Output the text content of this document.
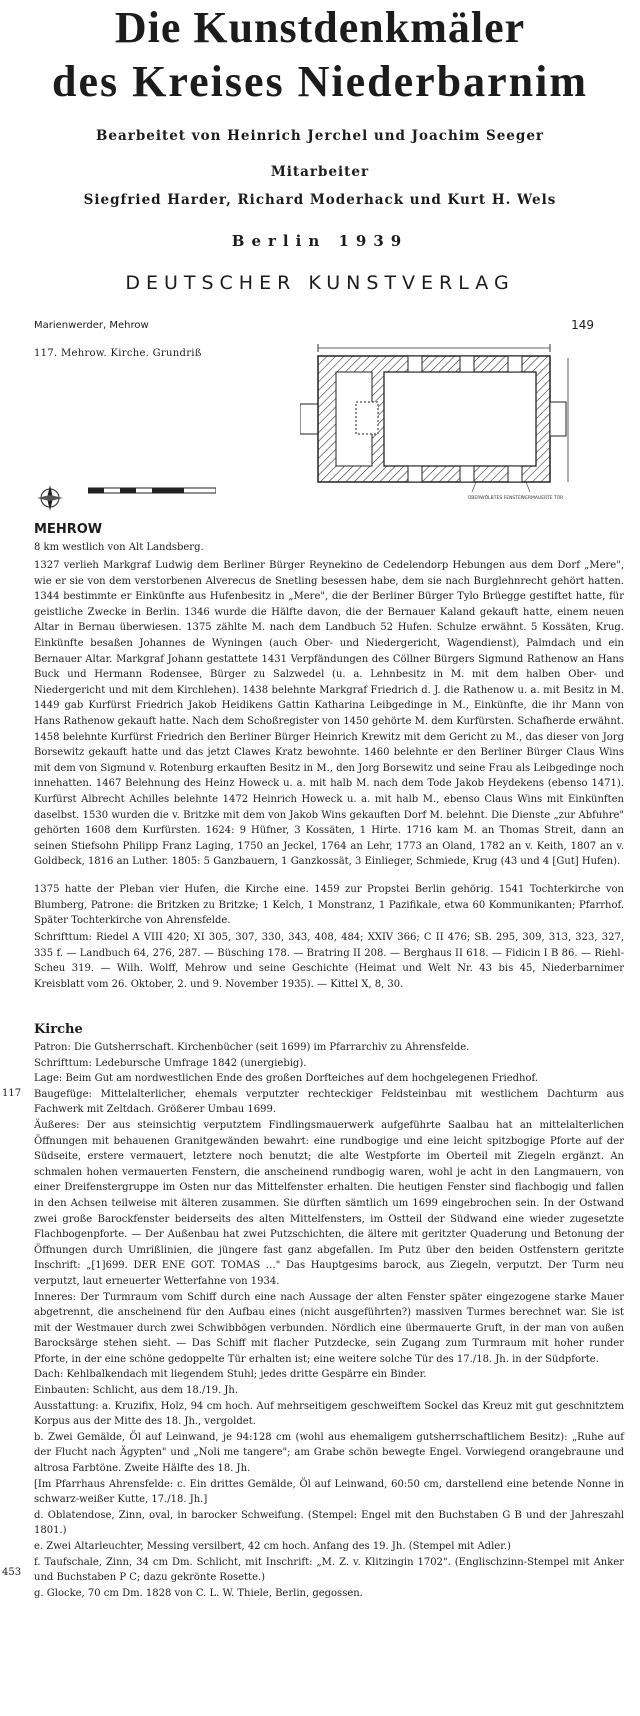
Die Kunstdenkmäler
des Kreises Niederbarnim
Bearbeitet von Heinrich Jerchel und Joachim Seeger
Mitarbeiter
Siegfried Harder, Richard Moderhack und Kurt H. Wels
Berlin 1939
DEUTSCHER KUNSTVERLAG
Marienwerder, Mehrow	149
117. Mehrow. Kirche. Grundriß
ÜBERWÖLBTES FENSTER
VERMAUERTE TÜR
MEHROW
8 km westlich von Alt Landsberg.
1327 verlieh Markgraf Ludwig dem Berliner Bürger Reynekino de Cedelendorp Hebungen aus dem Dorf „Mere", wie er sie von dem verstorbenen Alverecus de Snetling besessen habe, dem sie nach Burglehnrecht gehört hatten. 1344 bestimmte er Einkünfte aus Hufenbesitz in „Mere", die der Berliner Bürger Tylo Brüegge gestiftet hatte, für geistliche Zwecke in Berlin. 1346 wurde die Hälfte davon, die der Bernauer Kaland gekauft hatte, einem neuen Altar in Bernau überwiesen. 1375 zählte M. nach dem Landbuch 52 Hufen. Schulze erwähnt. 5 Kossäten, Krug. Einkünfte besaßen Johannes de Wyningen (auch Ober- und Niedergericht, Wagendienst), Palmdach und ein Bernauer Altar. Markgraf Johann gestattete 1431 Verpfändungen des Cöllner Bürgers Sigmund Rathenow an Hans Buck und Hermann Rodensee, Bürger zu Salzwedel (u. a. Lehnbesitz in M. mit dem halben Ober- und Niedergericht und mit dem Kirchlehen). 1438 belehnte Markgraf Friedrich d. J. die Rathenow u. a. mit Besitz in M. 1449 gab Kurfürst Friedrich Jakob Heidikens Gattin Katharina Leibgedinge in M., Einkünfte, die ihr Mann von Hans Rathenow gekauft hatte. Nach dem Schoßregister von 1450 gehörte M. dem Kurfürsten. Schafherde erwähnt. 1458 belehnte Kurfürst Friedrich den Berliner Bürger Heinrich Krewitz mit dem Gericht zu M., das dieser von Jorg Borsewitz gekauft hatte und das jetzt Clawes Kratz bewohnte. 1460 belehnte er den Berliner Bürger Claus Wins mit dem von Sigmund v. Rotenburg erkauften Besitz in M., den Jorg Borsewitz und seine Frau als Leibgedinge noch innehatten. 1467 Belehnung des Heinz Howeck u. a. mit halb M. nach dem Tode Jakob Heydekens (ebenso 1471). Kurfürst Albrecht Achilles belehnte 1472 Heinrich Howeck u. a. mit halb M., ebenso Claus Wins mit Einkünften daselbst. 1530 wurden die v. Britzke mit dem von Jakob Wins gekauften Dorf M. belehnt. Die Dienste „zur Abfuhre" gehörten 1608 dem Kurfürsten. 1624: 9 Hüfner, 3 Kossäten, 1 Hirte. 1716 kam M. an Thomas Streit, dann an seinen Stiefsohn Philipp Franz Laging, 1750 an Jeckel, 1764 an Lehr, 1773 an Oland, 1782 an v. Keith, 1807 an v. Goldbeck, 1816 an Luther. 1805: 5 Ganzbauern, 1 Ganzkossät, 3 Einlieger, Schmiede, Krug (43 und 4 [Gut] Hufen).
1375 hatte der Pleban vier Hufen, die Kirche eine. 1459 zur Propstei Berlin gehörig. 1541 Tochterkirche von Blumberg, Patrone: die Britzken zu Britzke; 1 Kelch, 1 Monstranz, 1 Pazifikale, etwa 60 Kommunikanten; Pfarrhof. Später Tochterkirche von Ahrensfelde.
Schrifttum: Riedel A VIII 420; XI 305, 307, 330, 343, 408, 484; XXIV 366; C II 476; SB. 295, 309, 313, 323, 327, 335 f. — Landbuch 64, 276, 287. — Büsching 178. — Bratring II 208. — Berghaus II 618. — Fidicin I B 86. — Riehl-Scheu 319. — Wilh. Wolff, Mehrow und seine Geschichte (Heimat und Welt Nr. 43 bis 45, Niederbarnimer Kreisblatt vom 26. Oktober, 2. und 9. November 1935). — Kittel X, 8, 30.
Kirche
117
453
Patron: Die Gutsherrschaft. Kirchenbücher (seit 1699) im Pfarrarchiv zu Ahrensfelde.
Schrifttum: Ledebursche Umfrage 1842 (unergiebig).
Lage: Beim Gut am nordwestlichen Ende des großen Dorfteiches auf dem hochgelegenen Friedhof.
Baugefüge: Mittelalterlicher, ehemals verputzter rechteckiger Feldsteinbau mit westlichem Dachturm aus Fachwerk mit Zeltdach. Größerer Umbau 1699.
Äußeres: Der aus steinsichtig verputztem Findlingsmauerwerk aufgeführte Saalbau hat an mittelalterlichen Öffnungen mit behauenen Granitgewänden bewahrt: eine rundbogige und eine leicht spitzbogige Pforte auf der Südseite, erstere vermauert, letztere noch benutzt; die alte Westpforte im Oberteil mit Ziegeln ergänzt. An schmalen hohen vermauerten Fenstern, die anscheinend rundbogig waren, wohl je acht in den Langmauern, von einer Dreifenstergruppe im Osten nur das Mittelfenster erhalten. Die heutigen Fenster sind flachbogig und fallen in den Achsen teilweise mit älteren zusammen. Sie dürften sämtlich um 1699 eingebrochen sein. In der Ostwand zwei große Barockfenster beiderseits des alten Mittelfensters, im Ostteil der Südwand eine wieder zugesetzte Flachbogenpforte. — Der Außenbau hat zwei Putzschichten, die ältere mit geritzter Quaderung und Betonung der Öffnungen durch Umrißlinien, die jüngere fast ganz abgefallen. Im Putz über den beiden Ostfenstern geritzte Inschrift: „[1]699. DER ENE GOT. TOMAS …" Das Hauptgesims barock, aus Ziegeln, verputzt. Der Turm neu verputzt, laut erneuerter Wetterfahne von 1934.
Inneres: Der Turmraum vom Schiff durch eine nach Aussage der alten Fenster später eingezogene starke Mauer abgetrennt, die anscheinend für den Aufbau eines (nicht ausgeführten?) massiven Turmes berechnet war. Sie ist mit der Westmauer durch zwei Schwibbögen verbunden. Nördlich eine übermauerte Gruft, in der man von außen Barocksärge stehen sieht. — Das Schiff mit flacher Putzdecke, sein Zugang zum Turmraum mit hoher runder Pforte, in der eine schöne gedoppelte Tür erhalten ist; eine weitere solche Tür des 17./18. Jh. in der Südpforte.
Dach: Kehlbalkendach mit liegendem Stuhl; jedes dritte Gespärre ein Binder.
Einbauten: Schlicht, aus dem 18./19. Jh.
Ausstattung: a. Kruzifix, Holz, 94 cm hoch. Auf mehrseitigem geschweiftem Sockel das Kreuz mit gut geschnitztem Korpus aus der Mitte des 18. Jh., vergoldet.
b. Zwei Gemälde, Öl auf Leinwand, je 94:128 cm (wohl aus ehemaligem gutsherrschaftlichem Besitz): „Ruhe auf der Flucht nach Ägypten" und „Noli me tangere"; am Grabe schön bewegte Engel. Vorwiegend orangebraune und altrosa Farbtöne. Zweite Hälfte des 18. Jh.
[Im Pfarrhaus Ahrensfelde: c. Ein drittes Gemälde, Öl auf Leinwand, 60:50 cm, darstellend eine betende Nonne in schwarz-weißer Kutte, 17./18. Jh.]
d. Oblatendose, Zinn, oval, in barocker Schweifung. (Stempel: Engel mit den Buchstaben G B und der Jahreszahl 1801.)
e. Zwei Altarleuchter, Messing versilbert, 42 cm hoch. Anfang des 19. Jh. (Stempel mit Adler.)
f. Taufschale, Zinn, 34 cm Dm. Schlicht, mit Inschrift: „M. Z. v. Klitzingin 1702". (Englischzinn-Stempel mit Anker und Buchstaben P C; dazu gekrönte Rosette.)
g. Glocke, 70 cm Dm. 1828 von C. L. W. Thiele, Berlin, gegossen.
